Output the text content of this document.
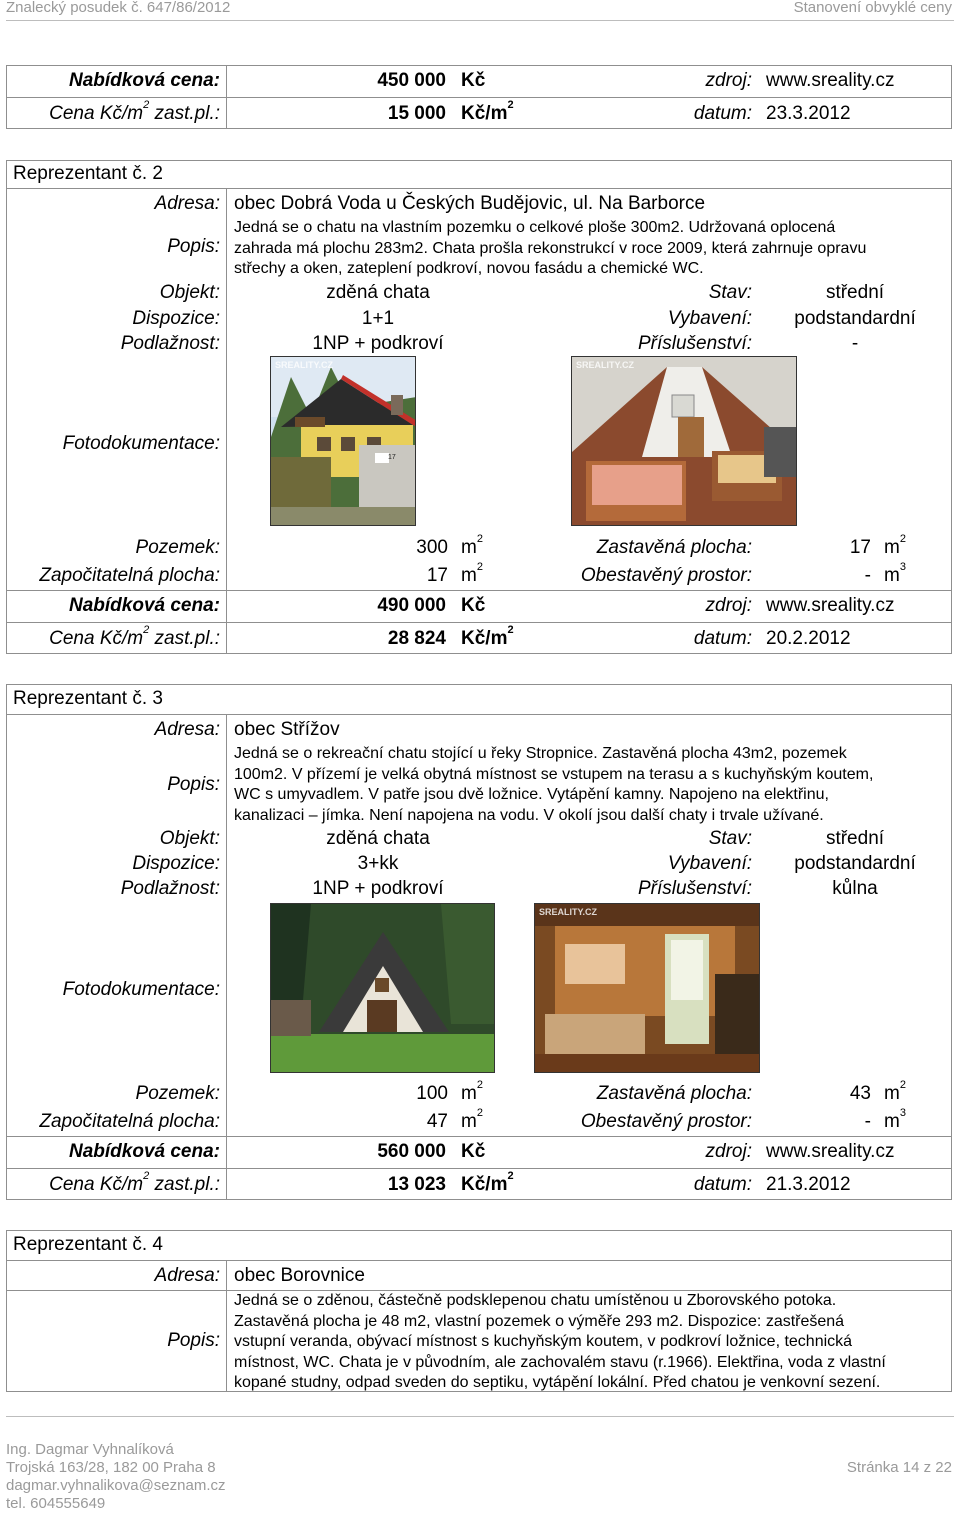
Znalecký posudek č. 647/86/2012	Stanovení obvyklé ceny
Nabídková cena:	450 000 Kč	zdroj: www.sreality.cz
Cena $Kč/m^2$ zast.pl.:	15 000 $Kč/m^2$	datum: 23.3.2012
Reprezentant č. 2
Adresa: obec Dobrá Voda u Českých Budějovic, ul. Na Barborce
Popis:
Jedná se o chatu na vlastním pozemku o celkové ploše 300m2. Udržovaná oplocená
zahrada má plochu 283m2. Chata prošla rekonstrukcí v roce 2009, která zahrnuje opravu
střechy a oken, zateplení podkroví, novou fasádu a chemické WC.
Objekt:	zděná chata	Stav:	střední
Dispozice:	1+1	Vybavení:	podstandardní
Podlažnost:	1NP + podkroví	Příslušenství:	-
Fotodokumentace:
SREALITY.CZ
17
SREALITY.CZ
Pozemek:	300 $m^2$	Zastavěná plocha:	17 $m^2$
Započitatelná plocha:	17 $m^2$	Obestavěný prostor:	- $m^3$
Nabídková cena:	490 000 Kč	zdroj: www.sreality.cz
Cena $Kč/m^2$ zast.pl.:	28 824 $Kč/m^2$	datum: 20.2.2012
Reprezentant č. 3
Adresa: obec Střížov
Popis:
Jedná se o rekreační chatu stojící u řeky Stropnice. Zastavěná plocha 43m2, pozemek
100m2. V přízemí je velká obytná místnost se vstupem na terasu a s kuchyňským koutem,
WC s umyvadlem. V patře jsou dvě ložnice. Vytápění kamny. Napojeno na elektřinu,
kanalizaci – jímka. Není napojena na vodu. V okolí jsou další chaty i trvale užívané.
Objekt:	zděná chata	Stav:	střední
Dispozice:	3+kk	Vybavení:	podstandardní
Podlažnost:	1NP + podkroví	Příslušenství:	kůlna
Fotodokumentace:
SREALITY.CZ
Pozemek:	100 $m^2$	Zastavěná plocha:	43 $m^2$
Započitatelná plocha:	47 $m^2$	Obestavěný prostor:	- $m^3$
Nabídková cena:	560 000 Kč	zdroj: www.sreality.cz
Cena $Kč/m^2$ zast.pl.:	13 023 $Kč/m^2$	datum: 21.3.2012
Reprezentant č. 4
Adresa: obec Borovnice
Popis:
Jedná se o zděnou, částečně podsklepenou chatu umístěnou u Zborovského potoka.
Zastavěná plocha je 48 m2, vlastní pozemek o výměře 293 m2. Dispozice: zastřešená
vstupní veranda, obývací místnost s kuchyňským koutem, v podkroví ložnice, technická
místnost, WC. Chata je v původním, ale zachovalém stavu (r.1966). Elektřina, voda z vlastní
kopané studny, odpad sveden do septiku, vytápění lokální. Před chatou je venkovní sezení.
Ing. Dagmar Vyhnalíková
Trojská 163/28, 182 00 Praha 8
dagmar.vyhnalikova@seznam.cz
tel. 604555649
Stránka 14 z 22
